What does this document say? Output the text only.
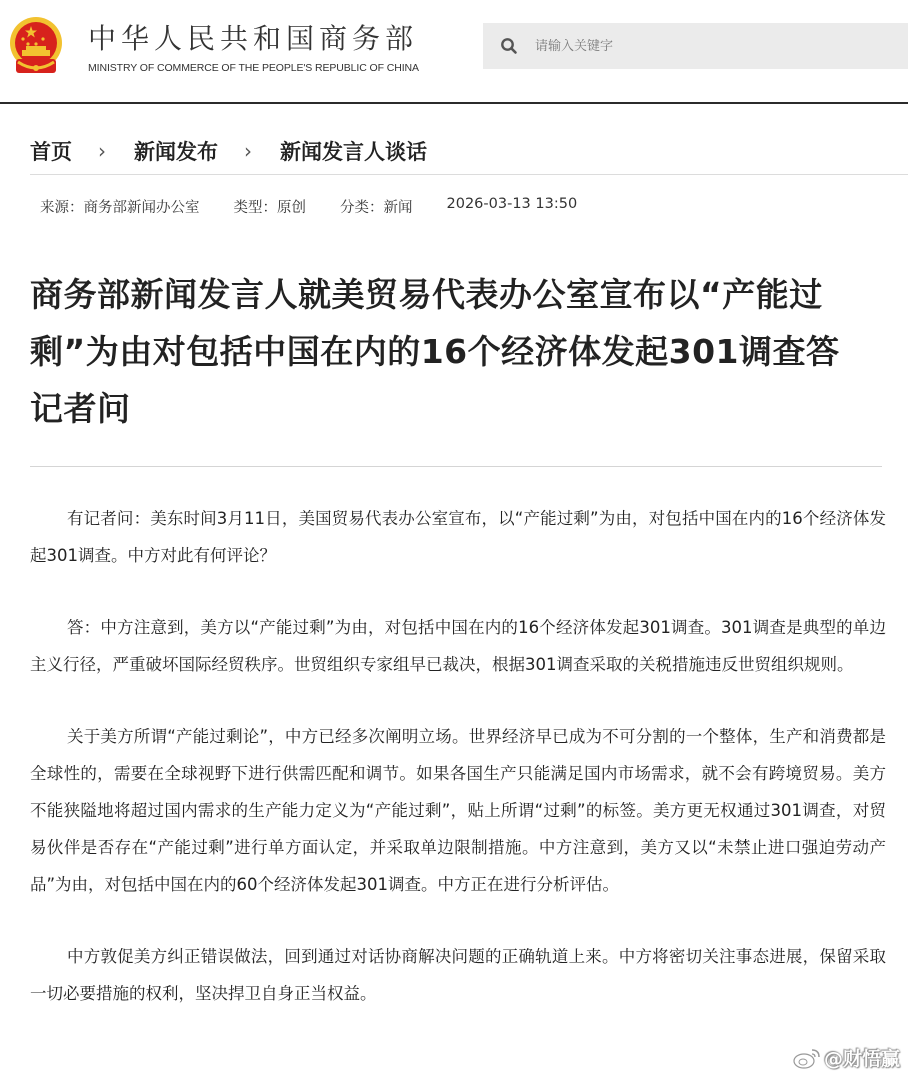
中华人民共和国商务部
MINISTRY OF COMMERCE OF THE PEOPLE'S REPUBLIC OF CHINA
请输入关键字
首页 › 新闻发布 › 新闻发言人谈话
来源：商务部新闻办公室 类型：原创 分类：新闻 2026-03-13 13:50
商务部新闻发言人就美贸易代表办公室宣布以“产能过剩”为由对包括中国在内的16个经济体发起301调查答记者问

有记者问：美东时间3月11日，美国贸易代表办公室宣布，以“产能过剩”为由，对包括中国在内的16个经济体发起301调查。中方对此有何评论？

答：中方注意到，美方以“产能过剩”为由，对包括中国在内的16个经济体发起301调查。301调查是典型的单边主义行径，严重破坏国际经贸秩序。世贸组织专家组早已裁决，根据301调查采取的关税措施违反世贸组织规则。

关于美方所谓“产能过剩论”，中方已经多次阐明立场。世界经济早已成为不可分割的一个整体，生产和消费都是全球性的，需要在全球视野下进行供需匹配和调节。如果各国生产只能满足国内市场需求，就不会有跨境贸易。美方不能狭隘地将超过国内需求的生产能力定义为“产能过剩”，贴上所谓“过剩”的标签。美方更无权通过301调查，对贸易伙伴是否存在“产能过剩”进行单方面认定，并采取单边限制措施。中方注意到，美方又以“未禁止进口强迫劳动产品”为由，对包括中国在内的60个经济体发起301调查。中方正在进行分析评估。

中方敦促美方纠正错误做法，回到通过对话协商解决问题的正确轨道上来。中方将密切关注事态进展，保留采取一切必要措施的权利，坚决捍卫自身正当权益。

@财悟赢
